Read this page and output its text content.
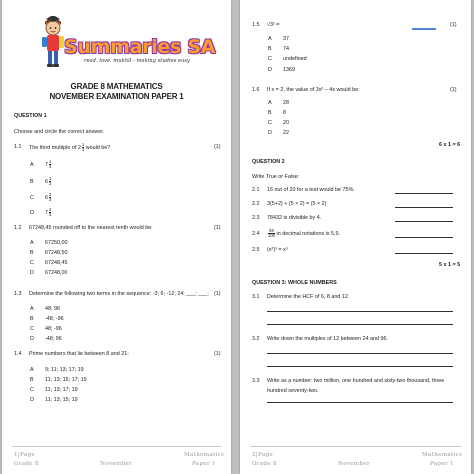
Summaries SA
read. love. mukhil - making studies easy
GRADE 8 MATHEMATICS
NOVEMBER EXAMINATION PAPER 1
QUESTION 1
Choose and circle the correct answer.
1.1 The third multiple of $2 \frac{1}{3}$ would be?	(1)
A $7 \frac{1}{3}$
B $6 \frac{1}{3}$
C $6 \frac{2}{3}$
D $7 \frac{2}{3}$
1.2 67248,45 rounded off to the nearest tenth would be:	(1)
A 67250,00
B 67248,50
C 67248,45
D 67248,00
1.3 Determine the following two terms in the sequence: -3; 6; -12; 24; ___; ___; (1)
A 48; 96
B -48; -96
C 48; -96
D -48; 96
1.4 Prime numbers that lie between 8 and 21:	(1)
A 9; 11; 13; 17; 19
B 11; 13; 15; 17; 19
C 11; 13; 17; 19
D 11; 13; 15; 19
1|Page
Grade 8	November
Mathematics
Paper 1
1.5 √3² =	(1)
A 37
B 74
C undefined
D 1369
1.6 If x = 2, the value of 3x² − 4x would be:	(1)
A 28
B 8
C 20
D 22
6 x 1 = 6
QUESTION 2
Write True or False:
2.1 16 out of 20 for a test would be 75%.
2.2 3(5+2) + (5 × 2) = (5 × 2)
2.3 78432 is divisible by 4.
$2.4 \frac{59}{100}$ in decimal notations is 5,9.
2.5 (x²)³ = x⁵
5 x 1 = 5
QUESTION 3: WHOLE NUMBERS
3.1 Determine the HCF of 6, 8 and 12.
3.2 Write down the multiples of 12 between 24 and 96.
3.3 Write as a number: two million, one hundred and sixty-two thousand, three
hundred seventy-two.
2|Page
Grade 8	November
Mathematics
Paper 1
